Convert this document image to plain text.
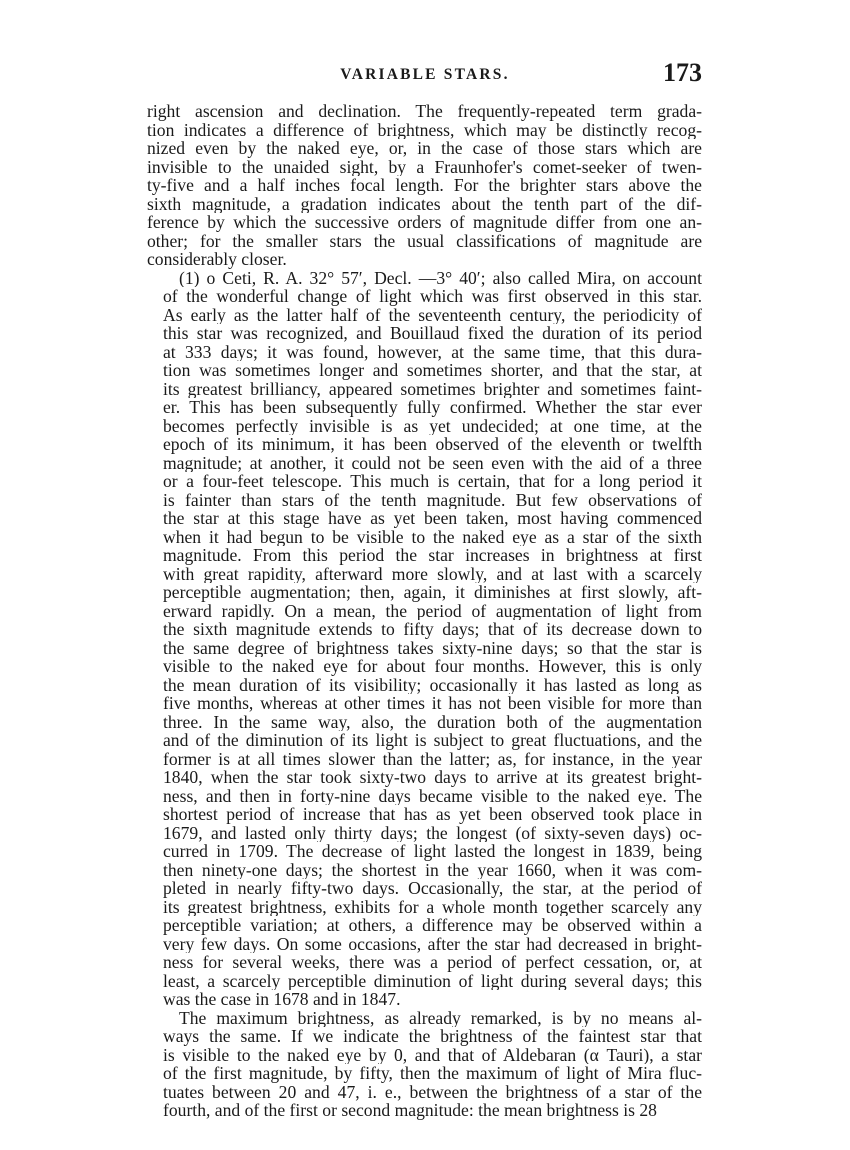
VARIABLE STARS.	173

right ascension and declination. The frequently-repeated term grada-
tion indicates a difference of brightness, which may be distinctly recog-
nized even by the naked eye, or, in the case of those stars which are
invisible to the unaided sight, by a Fraunhofer's comet-seeker of twen-
ty-five and a half inches focal length. For the brighter stars above the
sixth magnitude, a gradation indicates about the tenth part of the dif-
ference by which the successive orders of magnitude differ from one an-
other; for the smaller stars the usual classifications of magnitude are
considerably closer.

(1) ο Ceti, R. A. 32° 57′, Decl. —3° 40′; also called Mira, on account
of the wonderful change of light which was first observed in this star.
As early as the latter half of the seventeenth century, the periodicity of
this star was recognized, and Bouillaud fixed the duration of its period
at 333 days; it was found, however, at the same time, that this dura-
tion was sometimes longer and sometimes shorter, and that the star, at
its greatest brilliancy, appeared sometimes brighter and sometimes faint-
er. This has been subsequently fully confirmed. Whether the star ever
becomes perfectly invisible is as yet undecided; at one time, at the
epoch of its minimum, it has been observed of the eleventh or twelfth
magnitude; at another, it could not be seen even with the aid of a three
or a four-feet telescope. This much is certain, that for a long period it
is fainter than stars of the tenth magnitude. But few observations of
the star at this stage have as yet been taken, most having commenced
when it had begun to be visible to the naked eye as a star of the sixth
magnitude. From this period the star increases in brightness at first
with great rapidity, afterward more slowly, and at last with a scarcely
perceptible augmentation; then, again, it diminishes at first slowly, aft-
erward rapidly. On a mean, the period of augmentation of light from
the sixth magnitude extends to fifty days; that of its decrease down to
the same degree of brightness takes sixty-nine days; so that the star is
visible to the naked eye for about four months. However, this is only
the mean duration of its visibility; occasionally it has lasted as long as
five months, whereas at other times it has not been visible for more than
three. In the same way, also, the duration both of the augmentation
and of the diminution of its light is subject to great fluctuations, and the
former is at all times slower than the latter; as, for instance, in the year
1840, when the star took sixty-two days to arrive at its greatest bright-
ness, and then in forty-nine days became visible to the naked eye. The
shortest period of increase that has as yet been observed took place in
1679, and lasted only thirty days; the longest (of sixty-seven days) oc-
curred in 1709. The decrease of light lasted the longest in 1839, being
then ninety-one days; the shortest in the year 1660, when it was com-
pleted in nearly fifty-two days. Occasionally, the star, at the period of
its greatest brightness, exhibits for a whole month together scarcely any
perceptible variation; at others, a difference may be observed within a
very few days. On some occasions, after the star had decreased in bright-
ness for several weeks, there was a period of perfect cessation, or, at
least, a scarcely perceptible diminution of light during several days; this
was the case in 1678 and in 1847.

The maximum brightness, as already remarked, is by no means al-
ways the same. If we indicate the brightness of the faintest star that
is visible to the naked eye by 0, and that of Aldebaran (α Tauri), a star
of the first magnitude, by fifty, then the maximum of light of Mira fluc-
tuates between 20 and 47, i. e., between the brightness of a star of the
fourth, and of the first or second magnitude: the mean brightness is 28
